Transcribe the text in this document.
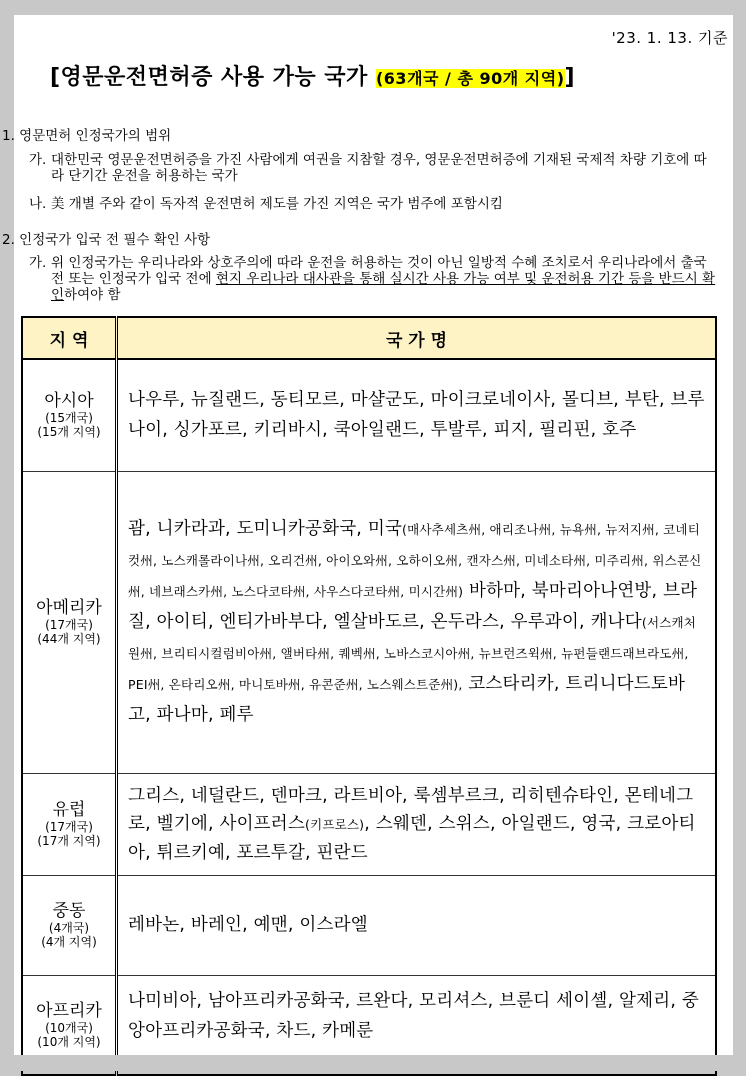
'23. 1. 13. 기준
[영문운전면허증 사용 가능 국가 (63개국 / 총 90개 지역)]
1. 영문면허 인정국가의 범위
가. 대한민국 영문운전면허증을 가진 사람에게 여권을 지참할 경우, 영문운전면허증에 기재된 국제적 차량 기호에 따라 단기간 운전을 허용하는 국가
나. 美 개별 주와 같이 독자적 운전면허 제도를 가진 지역은 국가 범주에 포함시킴
2. 인정국가 입국 전 필수 확인 사항
가. 위 인정국가는 우리나라와 상호주의에 따라 운전을 허용하는 것이 아닌 일방적 수혜 조치로서 우리나라에서 출국 전 또는 인정국가 입국 전에 현지 우리나라 대사관을 통해 실시간 사용 가능 여부 및 운전허용 기간 등을 반드시 확인하여야 함
지 역	국 가 명

아시아
(15개국)
(15개 지역)	나우루, 뉴질랜드, 동티모르, 마샬군도, 마이크로네이사, 몰디브, 부탄, 브루나이, 싱가포르, 키리바시, 쿡아일랜드, 투발루, 피지, 필리핀, 호주

아메리카
(17개국)
(44개 지역)
	괌, 니카라과, 도미니카공화국, 미국(매사추세츠州, 애리조나州, 뉴욕州, 뉴저지州, 코네티컷州, 노스캐롤라이나州, 오리건州, 아이오와州, 오하이오州, 캔자스州, 미네소타州, 미주리州, 위스콘신州, 네브래스카州, 노스다코타州, 사우스다코타州, 미시간州) 바하마, 북마리아나연방, 브라질, 아이티, 엔티가바부다, 엘살바도르, 온두라스, 우루과이, 캐나다(서스캐처원州, 브리티시컬럼비아州, 앨버타州, 퀘벡州, 노바스코시아州, 뉴브런즈윅州, 뉴펀들랜드래브라도州, PEI州, 온타리오州, 마니토바州, 유콘준州, 노스웨스트준州), 코스타리카, 트리니다드토바고, 파나마, 페루

유럽
(17개국)
(17개 지역)	그리스, 네덜란드, 덴마크, 라트비아, 룩셈부르크, 리히텐슈타인, 몬테네그로, 벨기에, 사이프러스(키프로스), 스웨덴, 스위스, 아일랜드, 영국, 크로아티아, 튀르키예, 포르투갈, 핀란드

중동
(4개국)
(4개 지역)	레바논, 바레인, 예맨, 이스라엘

아프리카
(10개국)
(10개 지역)	나미비아, 남아프리카공화국, 르완다, 모리셔스, 브룬디 세이셸, 알제리, 중앙아프리카공화국, 차드, 카메룬
